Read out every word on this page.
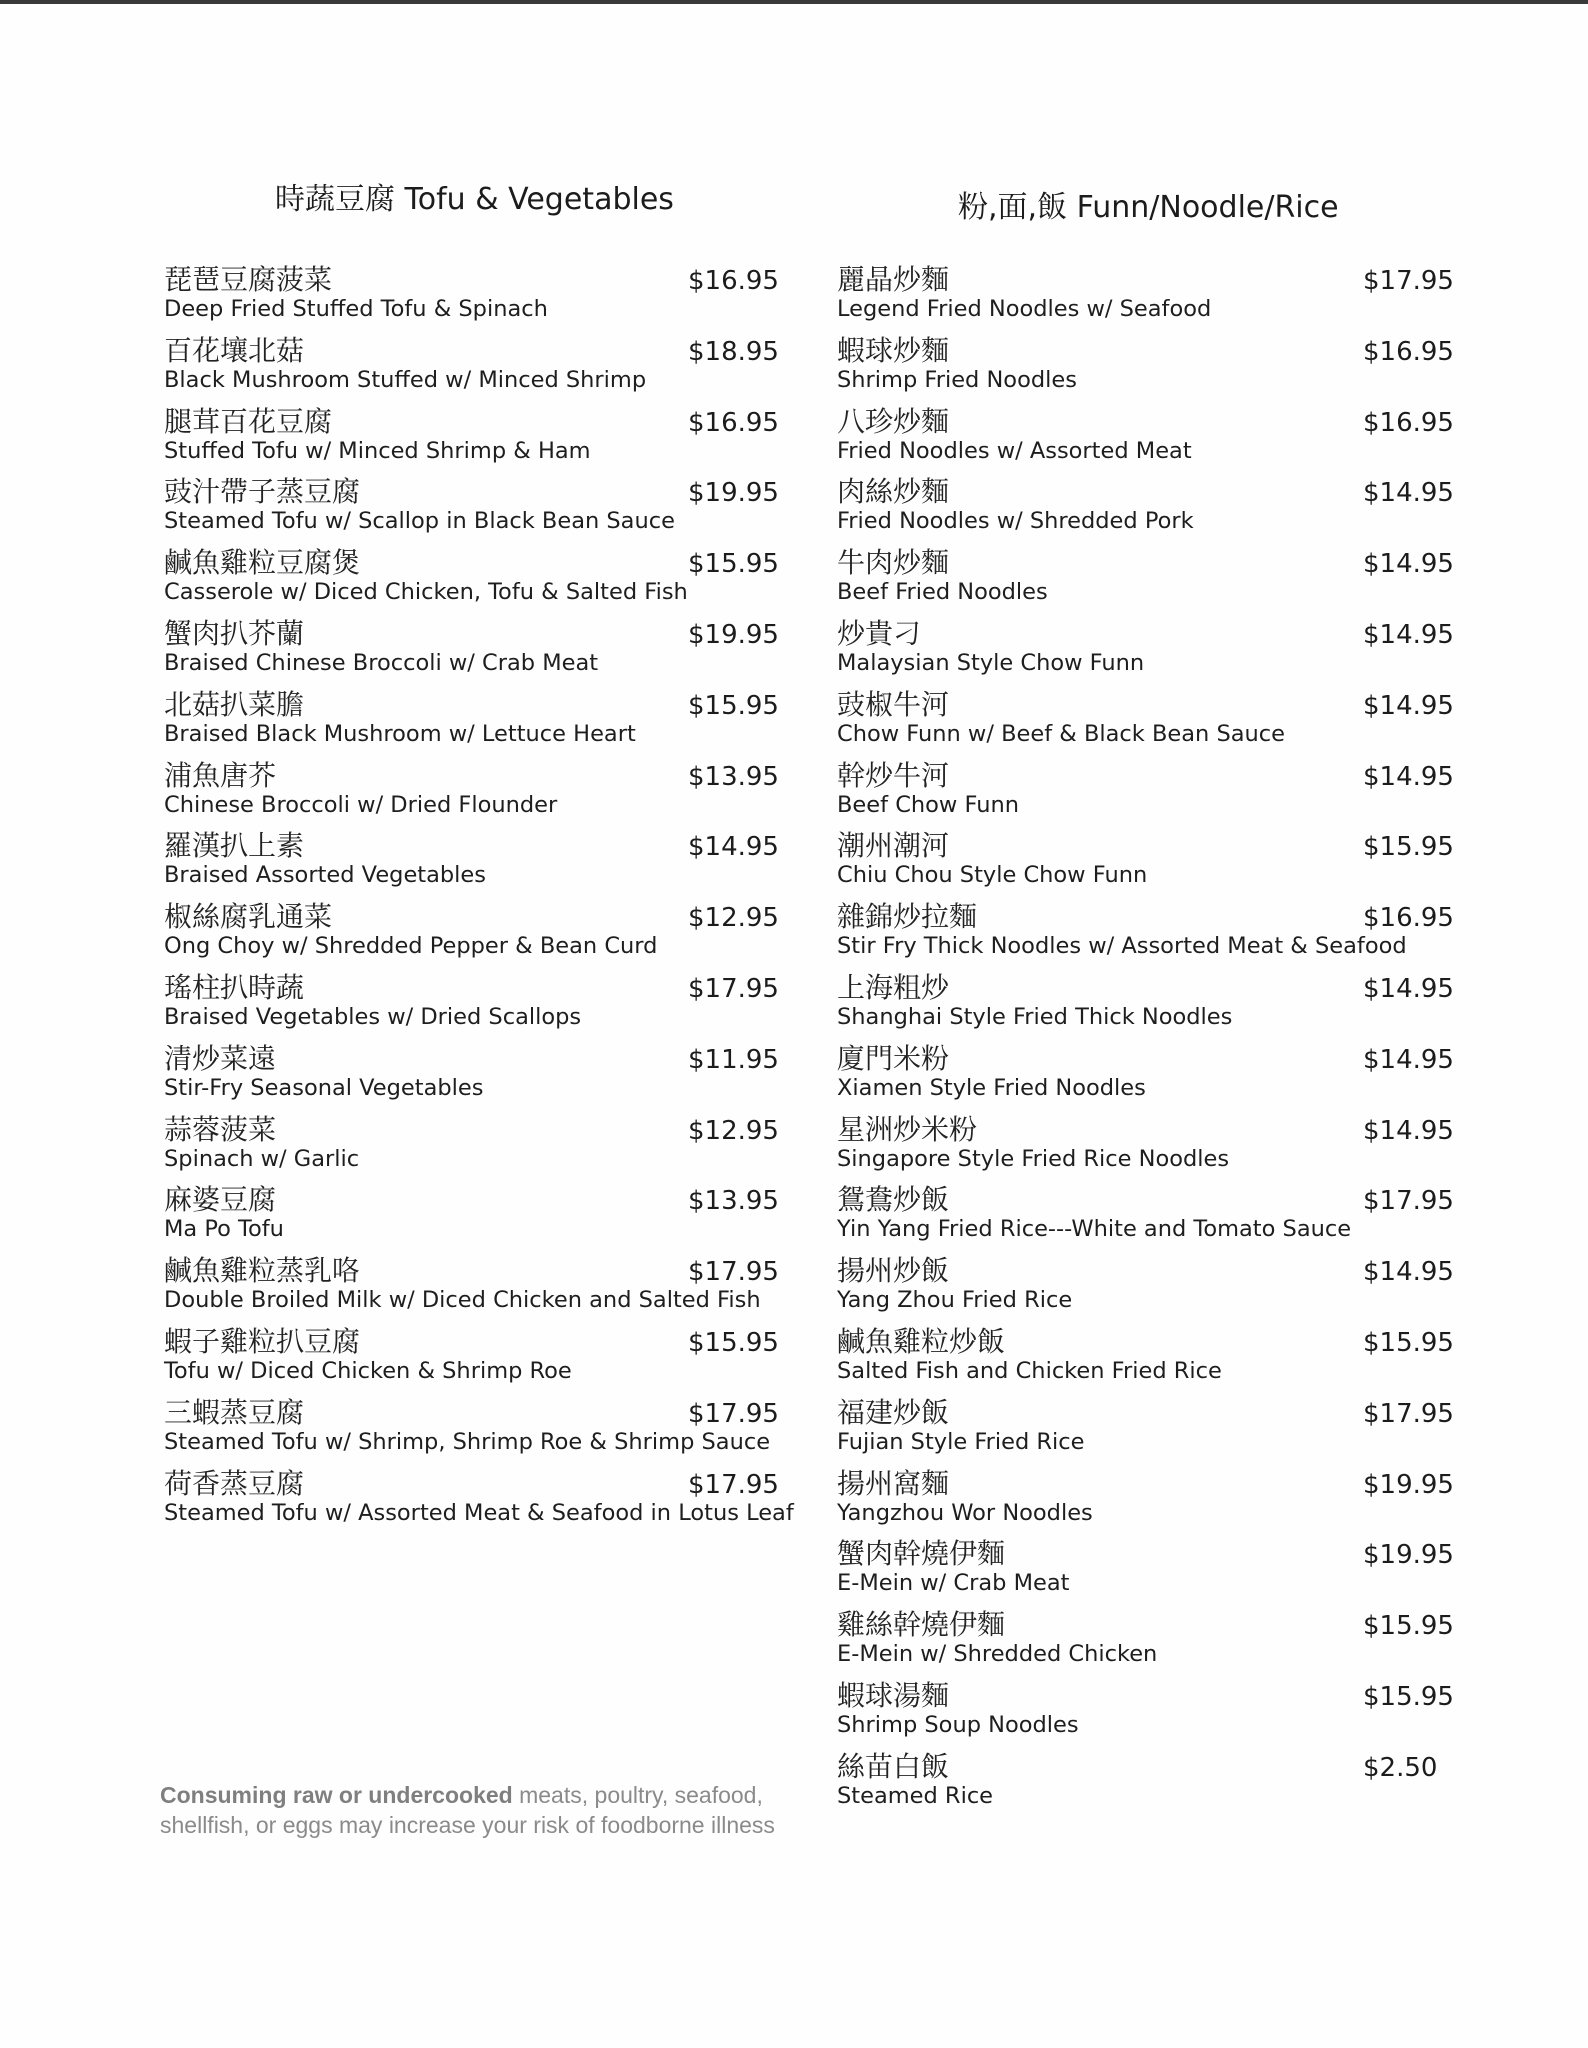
時蔬豆腐 Tofu & Vegetables
琵琶豆腐菠菜
Deep Fried Stuffed Tofu & Spinach
$16.95
百花壤北菇
Black Mushroom Stuffed w/ Minced Shrimp
$18.95
腿茸百花豆腐
Stuffed Tofu w/ Minced Shrimp & Ham
$16.95
豉汁帶子蒸豆腐
Steamed Tofu w/ Scallop in Black Bean Sauce
$19.95
鹹魚雞粒豆腐煲
Casserole w/ Diced Chicken, Tofu & Salted Fish
$15.95
蟹肉扒芥蘭
Braised Chinese Broccoli w/ Crab Meat
$19.95
北菇扒菜膽
Braised Black Mushroom w/ Lettuce Heart
$15.95
浦魚唐芥
Chinese Broccoli w/ Dried Flounder
$13.95
羅漢扒上素
Braised Assorted Vegetables
$14.95
椒絲腐乳通菜
Ong Choy w/ Shredded Pepper & Bean Curd
$12.95
瑤柱扒時蔬
Braised Vegetables w/ Dried Scallops
$17.95
清炒菜遠
Stir-Fry Seasonal Vegetables
$11.95
蒜蓉菠菜
Spinach w/ Garlic
$12.95
麻婆豆腐
Ma Po Tofu
$13.95
鹹魚雞粒蒸乳咯
Double Broiled Milk w/ Diced Chicken and Salted Fish
$17.95
蝦子雞粒扒豆腐
Tofu w/ Diced Chicken & Shrimp Roe
$15.95
三蝦蒸豆腐
Steamed Tofu w/ Shrimp, Shrimp Roe & Shrimp Sauce
$17.95
荷香蒸豆腐
Steamed Tofu w/ Assorted Meat & Seafood in Lotus Leaf
$17.95
粉,面,飯 Funn/Noodle/Rice
麗晶炒麵
Legend Fried Noodles w/ Seafood
$17.95
蝦球炒麵
Shrimp Fried Noodles
$16.95
八珍炒麵
Fried Noodles w/ Assorted Meat
$16.95
肉絲炒麵
Fried Noodles w/ Shredded Pork
$14.95
牛肉炒麵
Beef Fried Noodles
$14.95
炒貴刁
Malaysian Style Chow Funn
$14.95
豉椒牛河
Chow Funn w/ Beef & Black Bean Sauce
$14.95
幹炒牛河
Beef Chow Funn
$14.95
潮州潮河
Chiu Chou Style Chow Funn
$15.95
雜錦炒拉麵
Stir Fry Thick Noodles w/ Assorted Meat & Seafood
$16.95
上海粗炒
Shanghai Style Fried Thick Noodles
$14.95
廈門米粉
Xiamen Style Fried Noodles
$14.95
星洲炒米粉
Singapore Style Fried Rice Noodles
$14.95
鴛鴦炒飯
Yin Yang Fried Rice---White and Tomato Sauce
$17.95
揚州炒飯
Yang Zhou Fried Rice
$14.95
鹹魚雞粒炒飯
Salted Fish and Chicken Fried Rice
$15.95
福建炒飯
Fujian Style Fried Rice
$17.95
揚州窩麵
Yangzhou Wor Noodles
$19.95
蟹肉幹燒伊麵
E-Mein w/ Crab Meat
$19.95
雞絲幹燒伊麵
E-Mein w/ Shredded Chicken
$15.95
蝦球湯麵
Shrimp Soup Noodles
$15.95
絲苗白飯
Steamed Rice
$2.50
Consuming raw or undercooked meats, poultry, seafood, shellfish, or eggs may increase your risk of foodborne illness
